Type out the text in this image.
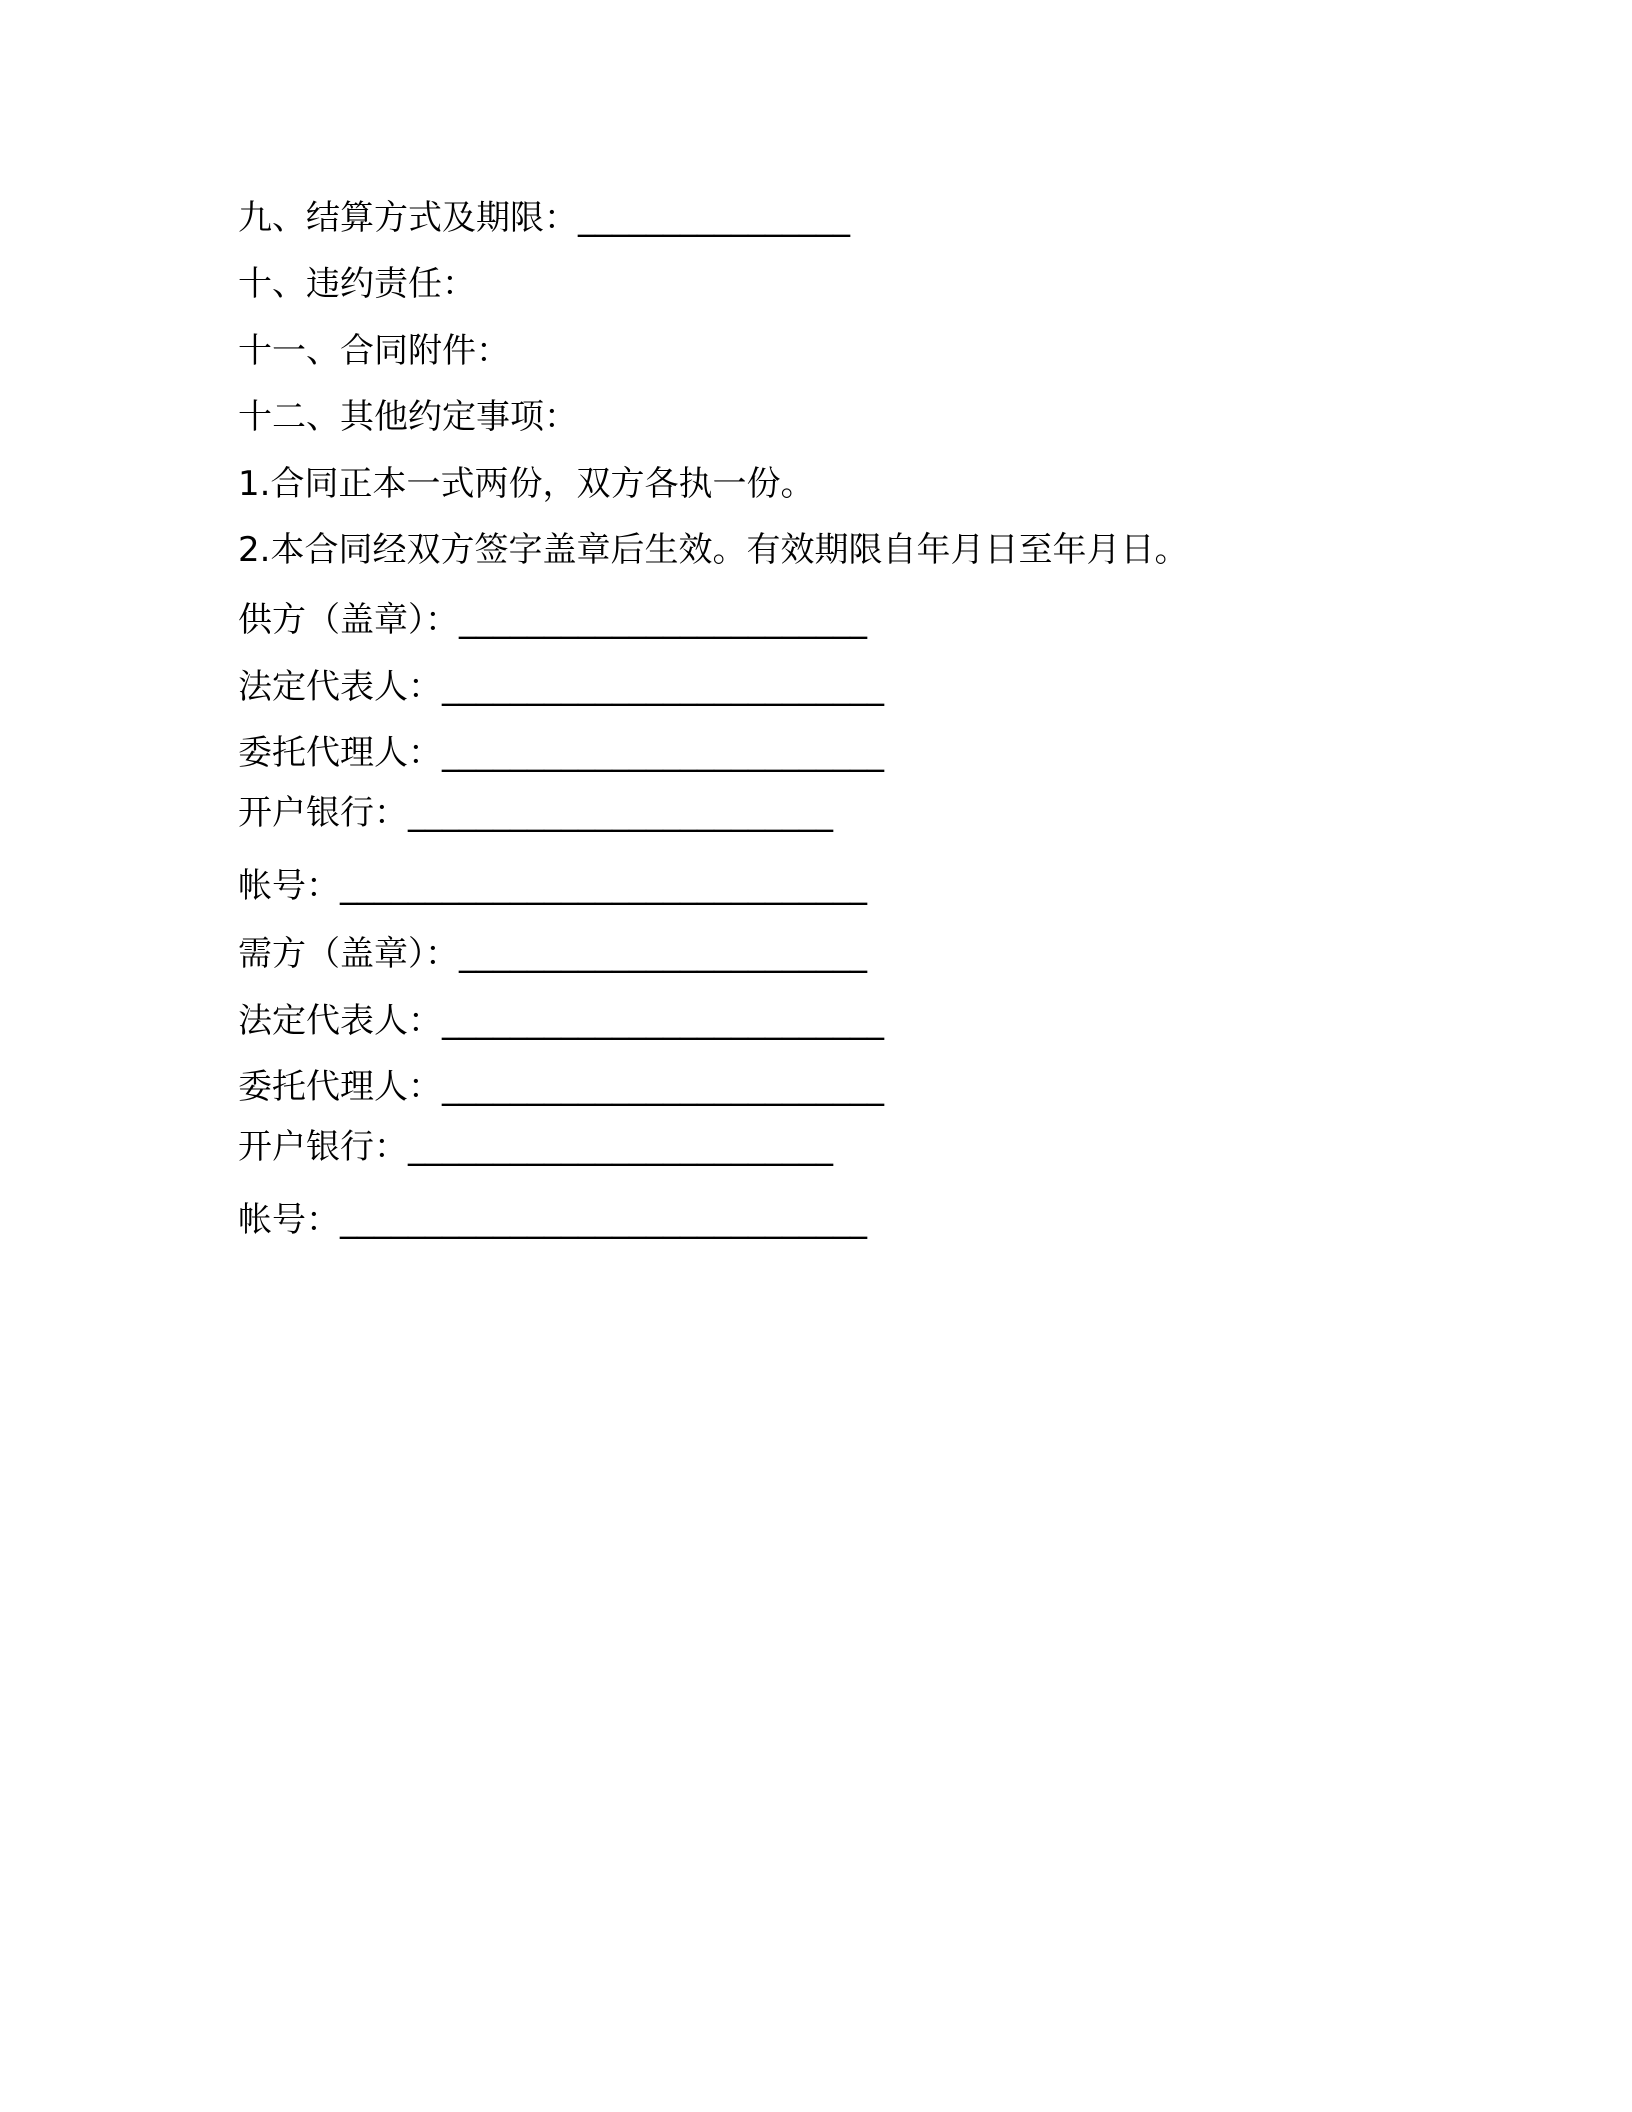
九、结算方式及期限：________________
十、违约责任：
十一、合同附件：
十二、其他约定事项：
1.合同正本一式两份，双方各执一份。
2.本合同经双方签字盖章后生效。有效期限自年月日至年月日。
供方（盖章）：________________________
法定代表人：__________________________
委托代理人：__________________________
开户银行：_________________________
帐号：_______________________________
需方（盖章）：________________________
法定代表人：__________________________
委托代理人：__________________________
开户银行：_________________________
帐号：_______________________________
